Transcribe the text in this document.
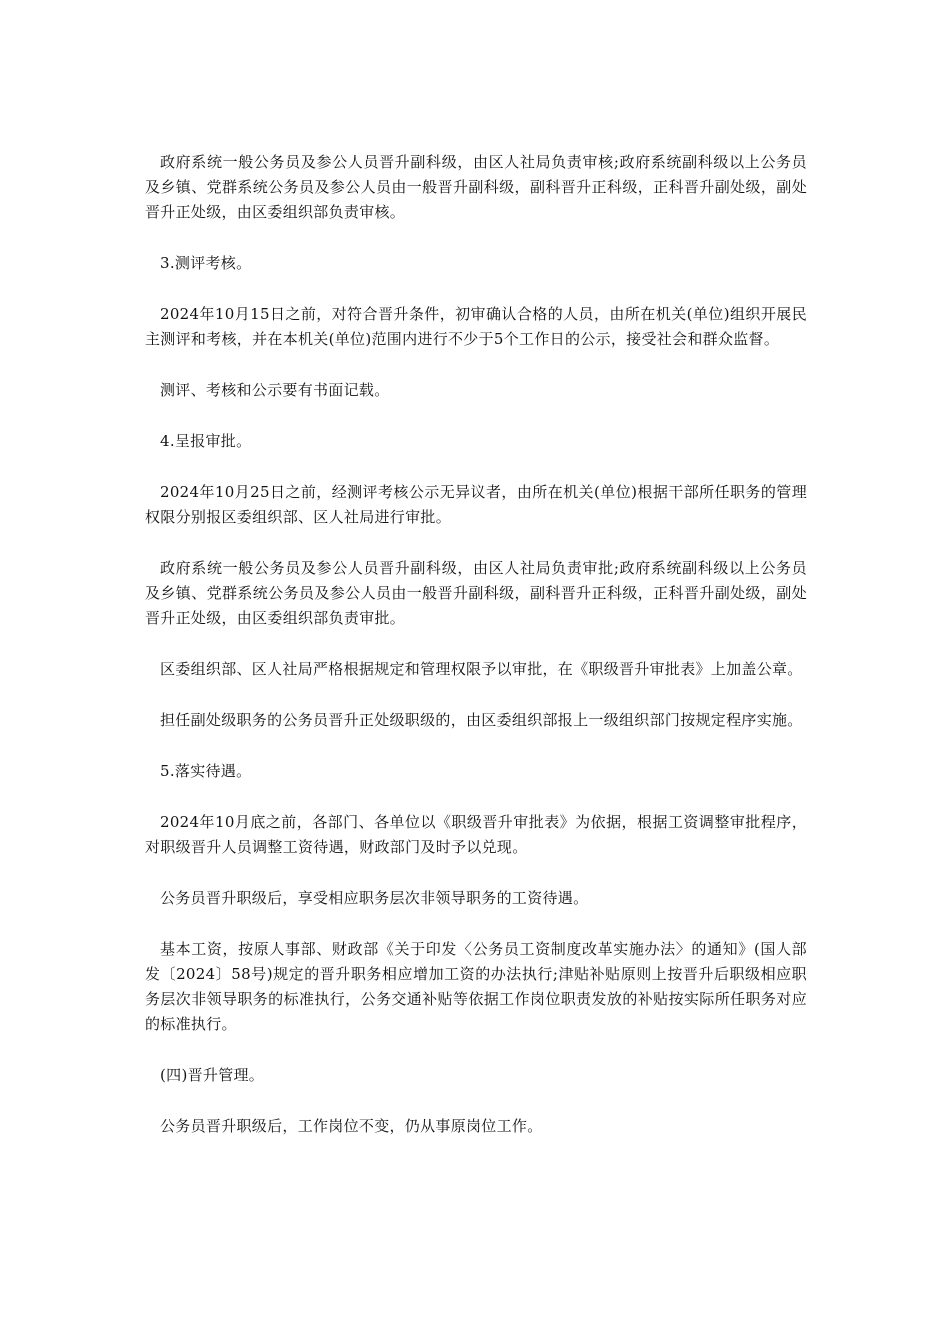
政府系统一般公务员及参公人员晋升副科级，由区人社局负责审核;政府系统副科级以上公务员及乡镇、党群系统公务员及参公人员由一般晋升副科级，副科晋升正科级，正科晋升副处级，副处晋升正处级，由区委组织部负责审核。

3.测评考核。

2024年10月15日之前，对符合晋升条件，初审确认合格的人员，由所在机关(单位)组织开展民主测评和考核，并在本机关(单位)范围内进行不少于5个工作日的公示，接受社会和群众监督。

测评、考核和公示要有书面记载。

4.呈报审批。

2024年10月25日之前，经测评考核公示无异议者，由所在机关(单位)根据干部所任职务的管理权限分别报区委组织部、区人社局进行审批。

政府系统一般公务员及参公人员晋升副科级，由区人社局负责审批;政府系统副科级以上公务员及乡镇、党群系统公务员及参公人员由一般晋升副科级，副科晋升正科级，正科晋升副处级，副处晋升正处级，由区委组织部负责审批。

区委组织部、区人社局严格根据规定和管理权限予以审批，在《职级晋升审批表》上加盖公章。

担任副处级职务的公务员晋升正处级职级的，由区委组织部报上一级组织部门按规定程序实施。

5.落实待遇。

2024年10月底之前，各部门、各单位以《职级晋升审批表》为依据，根据工资调整审批程序，对职级晋升人员调整工资待遇，财政部门及时予以兑现。

公务员晋升职级后，享受相应职务层次非领导职务的工资待遇。

基本工资，按原人事部、财政部《关于印发〈公务员工资制度改革实施办法〉的通知》(国人部发〔2024〕58号)规定的晋升职务相应增加工资的办法执行;津贴补贴原则上按晋升后职级相应职务层次非领导职务的标准执行，公务交通补贴等依据工作岗位职责发放的补贴按实际所任职务对应的标准执行。

(四)晋升管理。

公务员晋升职级后，工作岗位不变，仍从事原岗位工作。
